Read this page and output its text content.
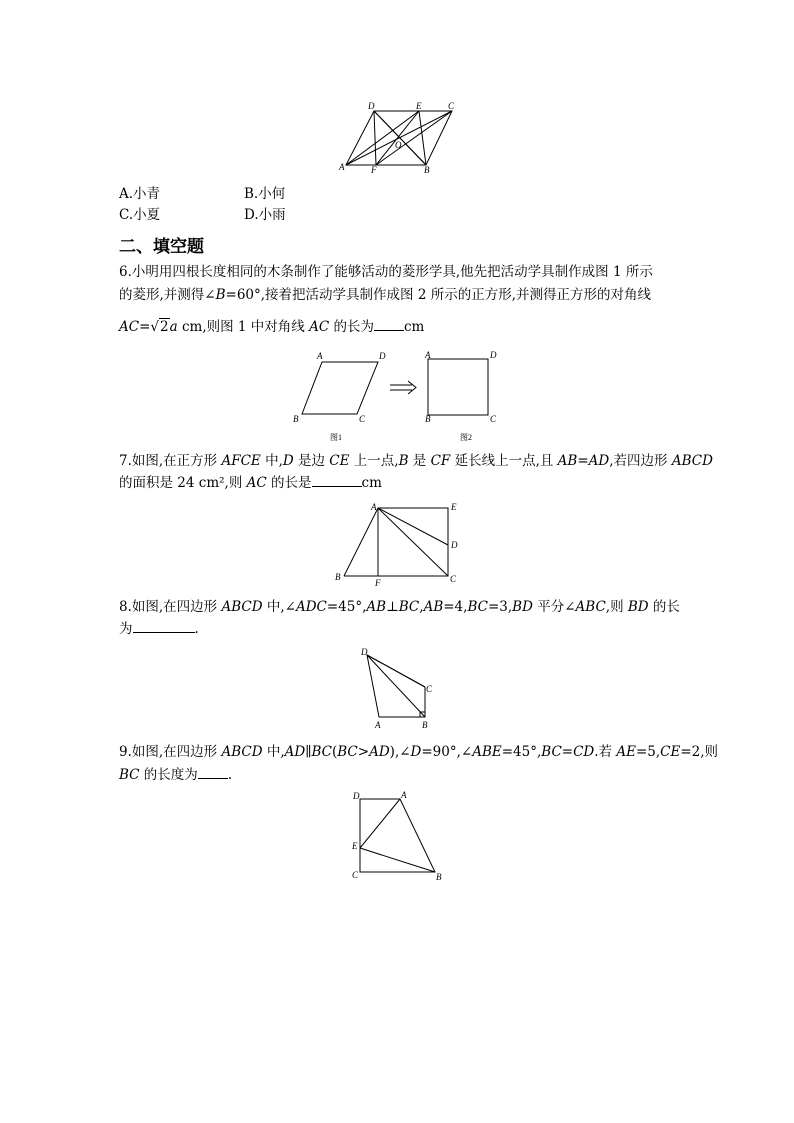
D	E	C
O
A	F	B
A.小青	B.小何
C.小夏	D.小雨
二、填空题
6.小明用四根长度相同的木条制作了能够活动的菱形学具,他先把活动学具制作成图 1 所示
的菱形,并测得∠B=60°,接着把活动学具制作成图 2 所示的正方形,并测得正方形的对角线
AC=√2a cm,则图 1 中对角线 AC 的长为 cm
A	D
B	C
A	D
B	C
图1	图2
7.如图,在正方形 AFCE 中,D 是边 CE 上一点,B 是 CF 延长线上一点,且 AB=AD,若四边形 ABCD
的面积是 24 cm²,则 AC 的长是	cm
A	E
D
B
F	C
8.如图,在四边形 ABCD 中,∠ADC=45°,AB⊥BC,AB=4,BC=3,BD 平分∠ABC,则 BD 的长
为	.
D
C
A	B
9.如图,在四边形 ABCD 中,AD∥BC(BC>AD),∠D=90°,∠ABE=45°,BC=CD.若 AE=5,CE=2,则
BC 的长度为 .
D	A
E
C	B
